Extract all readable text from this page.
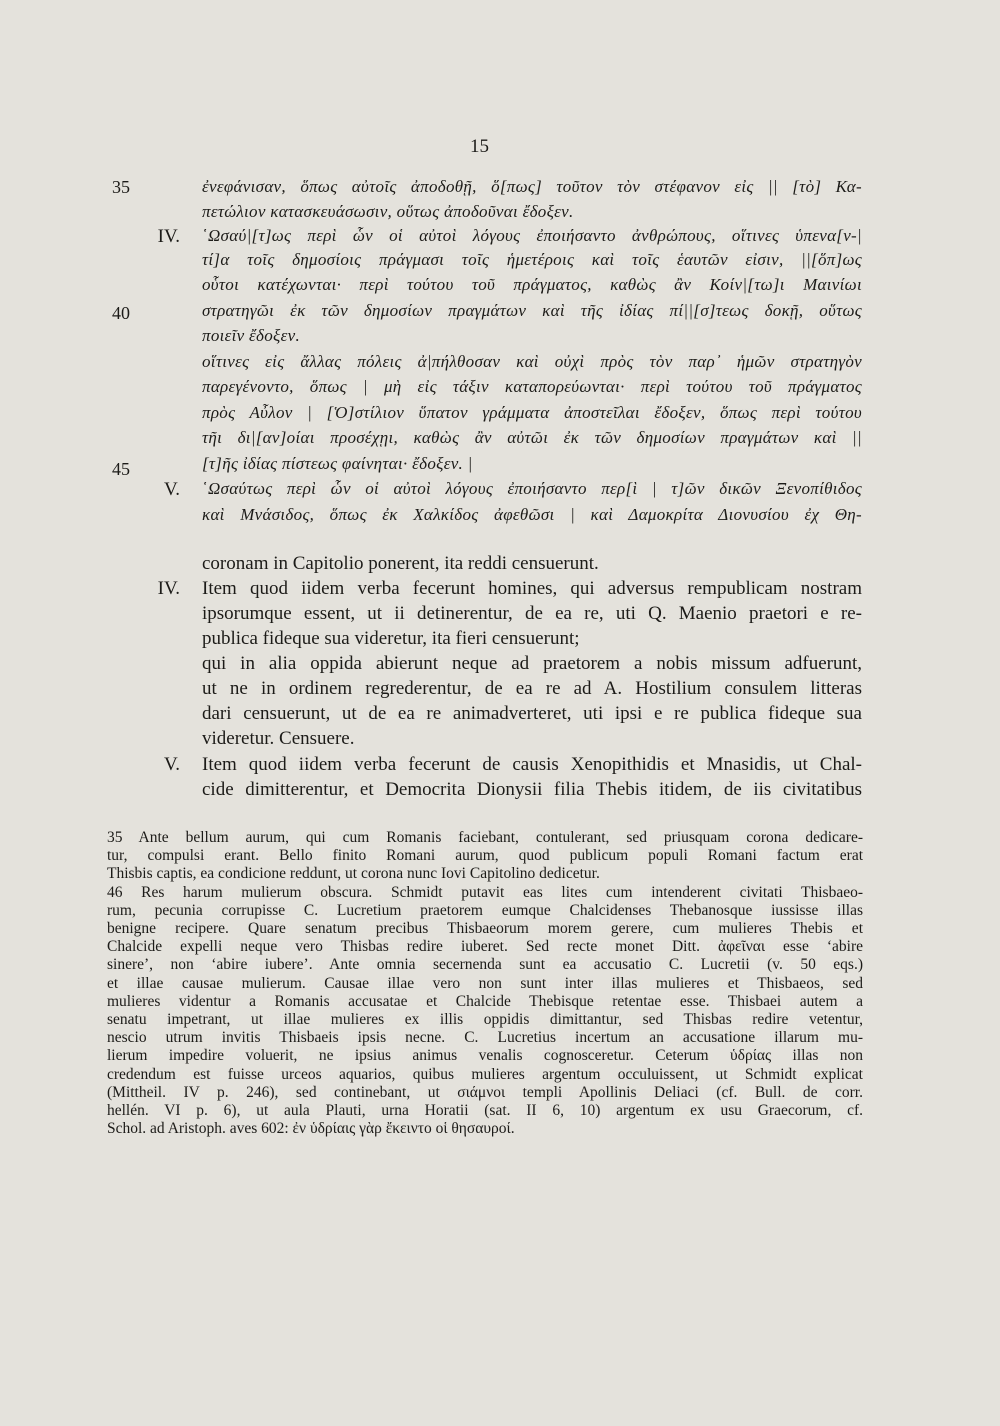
15
35
40
45
IV.
V.
ἐνεφάνισαν, ὅπως αὐτοῖς ἀποδοθῇ, ὅ[πως] τοῦτον τὸν στέφανον εἰς || [τὸ] Κα-
πετώλιον κατασκευάσωσιν, οὕτως ἀποδοῦναι ἔδοξεν.
῾Ωσαύ|[τ]ως περὶ ὧν οἱ αὐτοὶ λόγους ἐποιήσαντο ἀνθρώπους, οἵτινες ὑπενα[ν-|
τί]α τοῖς δημοσίοις πράγμασι τοῖς ἡμετέροις καὶ τοῖς ἑαυτῶν εἰσιν, ||[ὅπ]ως
οὗτοι κατέχωνται· περὶ τούτου τοῦ πράγματος, καθὼς ἂν Κοίν|[τω]ι Μαινίωι
στρατηγῶι ἐκ τῶν δημοσίων πραγμάτων καὶ τῆς ἰδίας πί||[σ]τεως δοκῇ, οὕτως
ποιεῖν ἔδοξεν.
οἵτινες εἰς ἄλλας πόλεις ἀ|πήλθοσαν καὶ οὐχὶ πρὸς τὸν παρ᾽ ἡμῶν στρατηγὸν
παρεγένοντο, ὅπως | μὴ εἰς τάξιν καταπορεύωνται· περὶ τούτου τοῦ πράγματος
πρὸς Αὖλον | [Ὁ]στίλιον ὕπατον γράμματα ἀποστεῖλαι ἔδοξεν, ὅπως περὶ τούτου
τῆι δι|[αν]οίαι προσέχῃι, καθὼς ἂν αὐτῶι ἐκ τῶν δημοσίων πραγμάτων καὶ ||
[τ]ῆς ἰδίας πίστεως φαίνηται· ἔδοξεν. |
῾Ωσαύτως περὶ ὧν οἱ αὐτοὶ λόγους ἐποιήσαντο περ[ὶ | τ]ῶν δικῶν Ξενοπίθιδος
καὶ Μνάσιδος, ὅπως ἐκ Χαλκίδος ἀφεθῶσι | καὶ Δαμοκρίτα Διονυσίου ἐχ Θη-
IV.
V.
coronam in Capitolio ponerent, ita reddi censuerunt.
Item quod iidem verba fecerunt homines, qui adversus rempublicam nostram
ipsorumque essent, ut ii detinerentur, de ea re, uti Q. Maenio praetori e re-
publica fideque sua videretur, ita fieri censuerunt;
qui in alia oppida abierunt neque ad praetorem a nobis missum adfuerunt,
ut ne in ordinem regrederentur, de ea re ad A. Hostilium consulem litteras
dari censuerunt, ut de ea re animadverteret, uti ipsi e re publica fideque sua
videretur. Censuere.
Item quod iidem verba fecerunt de causis Xenopithidis et Mnasidis, ut Chal-
cide dimitterentur, et Democrita Dionysii filia Thebis itidem, de iis civitatibus
35 Ante bellum aurum, qui cum Romanis faciebant, contulerant, sed priusquam corona dedicare-
tur, compulsi erant. Bello finito Romani aurum, quod publicum populi Romani factum erat
Thisbis captis, ea condicione reddunt, ut corona nunc Iovi Capitolino dedicetur.
46 Res harum mulierum obscura. Schmidt putavit eas lites cum intenderent civitati Thisbaeo-
rum, pecunia corrupisse C. Lucretium praetorem eumque Chalcidenses Thebanosque iussisse illas
benigne recipere. Quare senatum precibus Thisbaeorum morem gerere, cum mulieres Thebis et
Chalcide expelli neque vero Thisbas redire iuberet. Sed recte monet Ditt. ἀφεῖναι esse ‘abire
sinere’, non ‘abire iubere’. Ante omnia secernenda sunt ea accusatio C. Lucretii (v. 50 eqs.)
et illae causae mulierum. Causae illae vero non sunt inter illas mulieres et Thisbaeos, sed
mulieres videntur a Romanis accusatae et Chalcide Thebisque retentae esse. Thisbaei autem a
senatu impetrant, ut illae mulieres ex illis oppidis dimittantur, sed Thisbas redire vetentur,
nescio utrum invitis Thisbaeis ipsis necne. C. Lucretius incertum an accusatione illarum mu-
lierum impedire voluerit, ne ipsius animus venalis cognosceretur. Ceterum ὑδρίας illas non
credendum est fuisse urceos aquarios, quibus mulieres argentum occuluissent, ut Schmidt explicat
(Mittheil. IV p. 246), sed continebant, ut σιάμνοι templi Apollinis Deliaci (cf. Bull. de corr.
hellén. VI p. 6), ut aula Plauti, urna Horatii (sat. II 6, 10) argentum ex usu Graecorum, cf.
Schol. ad Aristoph. aves 602: ἐν ὑδρίαις γὰρ ἔκειντο οἱ θησαυροί.
